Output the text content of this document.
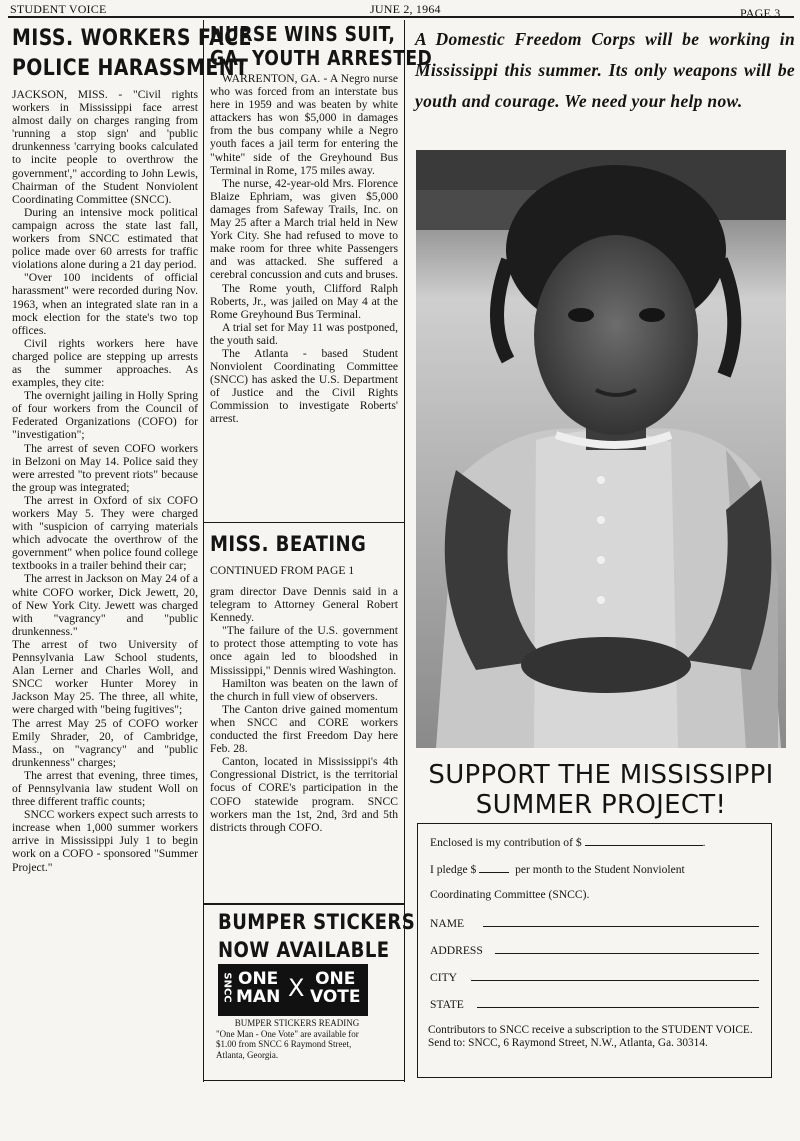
STUDENT VOICE	JUNE 2, 1964	PAGE 3
MISS. WORKERS FACE
POLICE HARASSMENT

JACKSON, MISS. - "Civil rights workers in Mississippi face arrest almost daily on charges ranging from 'running a stop sign' and 'public drunkenness 'carrying books calculated to incite people to overthrow the government'," according to John Lewis, Chairman of the Student Nonviolent Coordinating Committee (SNCC).

During an intensive mock political campaign across the state last fall, workers from SNCC estimated that police made over 60 arrests for traffic violations alone during a 21 day period.

"Over 100 incidents of official harassment" were recorded during Nov. 1963, when an integrated slate ran in a mock election for the state's two top offices.

Civil rights workers here have charged police are stepping up arrests as the summer approaches. As examples, they cite:

The overnight jailing in Holly Spring of four workers from the Council of Federated Organizations (COFO) for "investigation";

The arrest of seven COFO workers in Belzoni on May 14. Police said they were arrested "to prevent riots" because the group was integrated;

The arrest in Oxford of six COFO workers May 5. They were charged with "suspicion of carrying materials which advocate the overthrow of the government" when police found college textbooks in a trailer behind their car;

The arrest in Jackson on May 24 of a white COFO worker, Dick Jewett, 20, of New York City. Jewett was charged with "vagrancy" and "public drunkenness."

The arrest of two University of Pennsylvania Law School students, Alan Lerner and Charles Woll, and SNCC worker Hunter Morey in Jackson May 25. The three, all white, were charged with "being fugitives";

The arrest May 25 of COFO worker Emily Shrader, 20, of Cambridge, Mass., on "vagrancy" and "public drunkenness" charges;

The arrest that evening, three times, of Pennsylvania law student Woll on three different traffic counts;

SNCC workers expect such arrests to increase when 1,000 summer workers arrive in Mississippi July 1 to begin work on a COFO - sponsored "Summer Project."

NURSE WINS SUIT,
GA. YOUTH ARRESTED

WARRENTON, GA. - A Negro nurse who was forced from an interstate bus here in 1959 and was beaten by white attackers has won $5,000 in damages from the bus company while a Negro youth faces a jail term for entering the "white" side of the Greyhound Bus Terminal in Rome, 175 miles away.

The nurse, 42-year-old Mrs. Florence Blaize Ephriam, was given $5,000 damages from Safeway Trails, Inc. on May 25 after a March trial held in New York City. She had refused to move to make room for three white Passengers and was attacked. She suffered a cerebral concussion and cuts and bruses.

The Rome youth, Clifford Ralph Roberts, Jr., was jailed on May 4 at the Rome Greyhound Bus Terminal.

A trial set for May 11 was postponed, the youth said.

The Atlanta - based Student Nonviolent Coordinating Committee (SNCC) has asked the U.S. Department of Justice and the Civil Rights Commission to investigate Roberts' arrest.

MISS. BEATING
CONTINUED FROM PAGE 1

gram director Dave Dennis said in a telegram to Attorney General Robert Kennedy.

"The failure of the U.S. government to protect those attempting to vote has once again led to bloodshed in Mississippi," Dennis wired Washington.

Hamilton was beaten on the lawn of the church in full view of observers.

The Canton drive gained momentum when SNCC and CORE workers conducted the first Freedom Day here Feb. 28.

Canton, located in Mississippi's 4th Congressional District, is the territorial focus of CORE's participation in the COFO statewide program. SNCC workers man the 1st, 2nd, 3rd and 5th districts through COFO.

BUMPER STICKERS
NOW AVAILABLE
SNCC ONE
MAN X ONE
VOTE
BUMPER STICKERS READING
"One Man - One Vote" are available for $1.00 from SNCC 6 Raymond Street, Atlanta, Georgia.
A Domestic Freedom Corps will be working in Mississippi this summer. Its only weapons will be youth and courage. We need your help now.
SUPPORT THE MISSISSIPPI
SUMMER PROJECT!
Enclosed is my contribution of $	.
I pledge $	per month to the Student Nonviolent
Coordinating Committee (SNCC).
NAME
ADDRESS
CITY
STATE
Contributors to SNCC receive a subscription to the STUDENT VOICE. Send to: SNCC, 6 Raymond Street, N.W., Atlanta, Ga. 30314.
